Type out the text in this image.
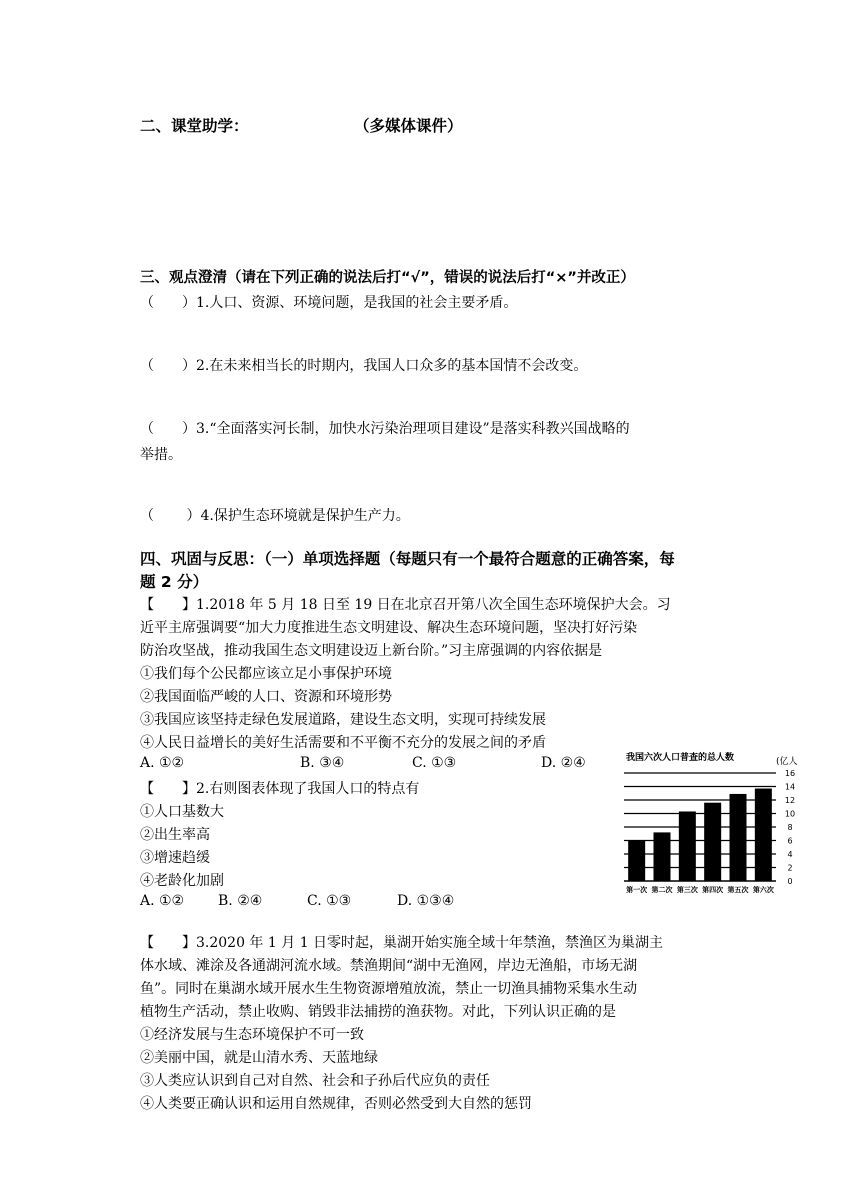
二、课堂助学：	（多媒体课件）
三、观点澄清（请在下列正确的说法后打“√”，错误的说法后打“×”并改正）
（　　）1.人口、资源、环境问题，是我国的社会主要矛盾。
（　　）2.在未来相当长的时期内，我国人口众多的基本国情不会改变。
（　　）3.“全面落实河长制，加快水污染治理项目建设”是落实科教兴国战略的
举措。
（　　 ）4.保护生态环境就是保护生产力。
四、巩固与反思：（一）单项选择题（每题只有一个最符合题意的正确答案，每
题 2 分）
【　　】1.2018 年 5 月 18 日至 19 日在北京召开第八次全国生态环境保护大会。习
近平主席强调要“加大力度推进生态文明建设、解决生态环境问题，坚决打好污染
防治攻坚战，推动我国生态文明建设迈上新台阶。”习主席强调的内容依据是
①我们每个公民都应该立足小事保护环境
②我国面临严峻的人口、资源和环境形势
③我国应该坚持走绿色发展道路，建设生态文明，实现可持续发展
④人民日益增长的美好生活需要和不平衡不充分的发展之间的矛盾
A. ①②	B. ③④	C. ①③	D. ②④
【　　】2.右则图表体现了我国人口的特点有
①人口基数大
②出生率高
③增速趋缓
④老龄化加剧
A. ①② B. ②④	C. ①③	D. ①③④
我国六次人口普查的总人数	(亿人
16
14
12
10
8
6
4
2
0
第一次 第二次 第三次 第四次 第五次 第六次
【　　】3.2020 年 1 月 1 日零时起，巢湖开始实施全域十年禁渔，禁渔区为巢湖主
体水域、滩涂及各通湖河流水域。禁渔期间“湖中无渔网，岸边无渔船，市场无湖
鱼”。同时在巢湖水域开展水生生物资源增殖放流，禁止一切渔具捕物采集水生动
植物生产活动，禁止收购、销毁非法捕捞的渔获物。对此，下列认识正确的是
①经济发展与生态环境保护不可一致
②美丽中国，就是山清水秀、天蓝地绿
③人类应认识到自己对自然、社会和子孙后代应负的责任
④人类要正确认识和运用自然规律，否则必然受到大自然的惩罚
